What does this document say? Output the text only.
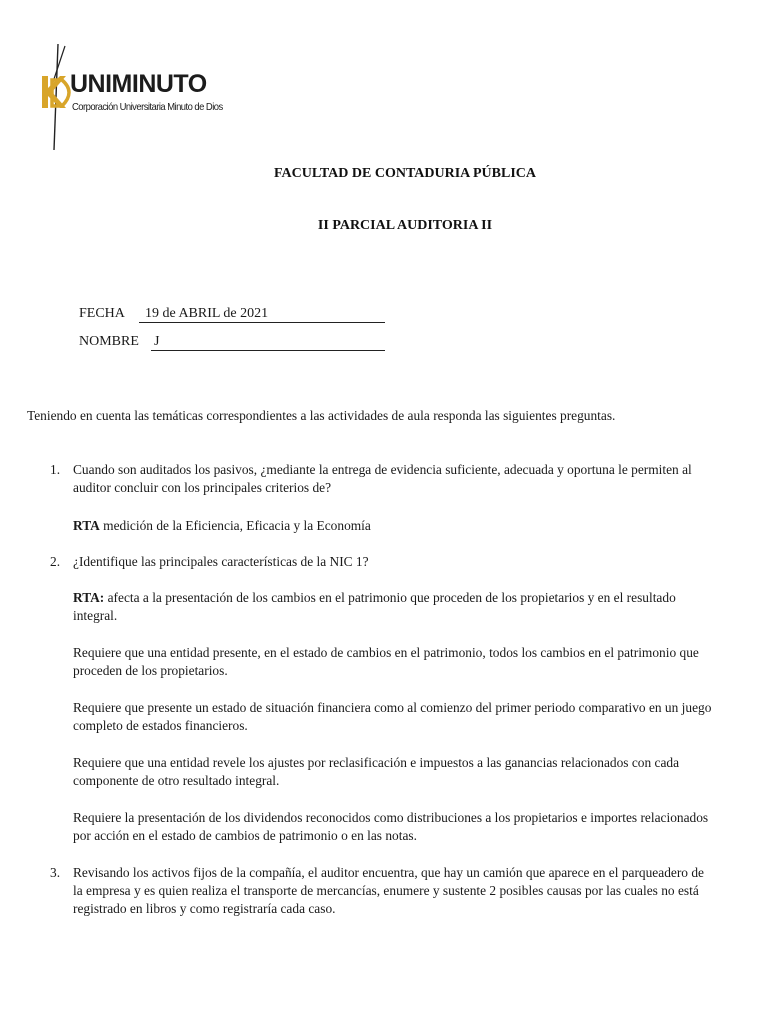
UNIMINUTO
Corporación Universitaria Minuto de Dios
FACULTAD DE CONTADURIA PÚBLICA
II PARCIAL AUDITORIA II
FECHA 19 de ABRIL de 2021
NOMBRE J
Teniendo en cuenta las temáticas correspondientes a las actividades de aula responda las siguientes preguntas.
1. Cuando son auditados los pasivos, ¿mediante la entrega de evidencia suficiente, adecuada y oportuna le permiten al auditor concluir con los principales criterios de?
RTA medición de la Eficiencia, Eficacia y la Economía
2. ¿Identifique las principales características de la NIC 1?
RTA: afecta a la presentación de los cambios en el patrimonio que proceden de los propietarios y en el resultado integral.
Requiere que una entidad presente, en el estado de cambios en el patrimonio, todos los cambios en el patrimonio que proceden de los propietarios.
Requiere que presente un estado de situación financiera como al comienzo del primer periodo comparativo en un juego completo de estados financieros.
Requiere que una entidad revele los ajustes por reclasificación e impuestos a las ganancias relacionados con cada componente de otro resultado integral.
Requiere la presentación de los dividendos reconocidos como distribuciones a los propietarios e importes relacionados por acción en el estado de cambios de patrimonio o en las notas.
3. Revisando los activos fijos de la compañía, el auditor encuentra, que hay un camión que aparece en el parqueadero de la empresa y es quien realiza el transporte de mercancías, enumere y sustente 2 posibles causas por las cuales no está registrado en libros y como registraría cada caso.
